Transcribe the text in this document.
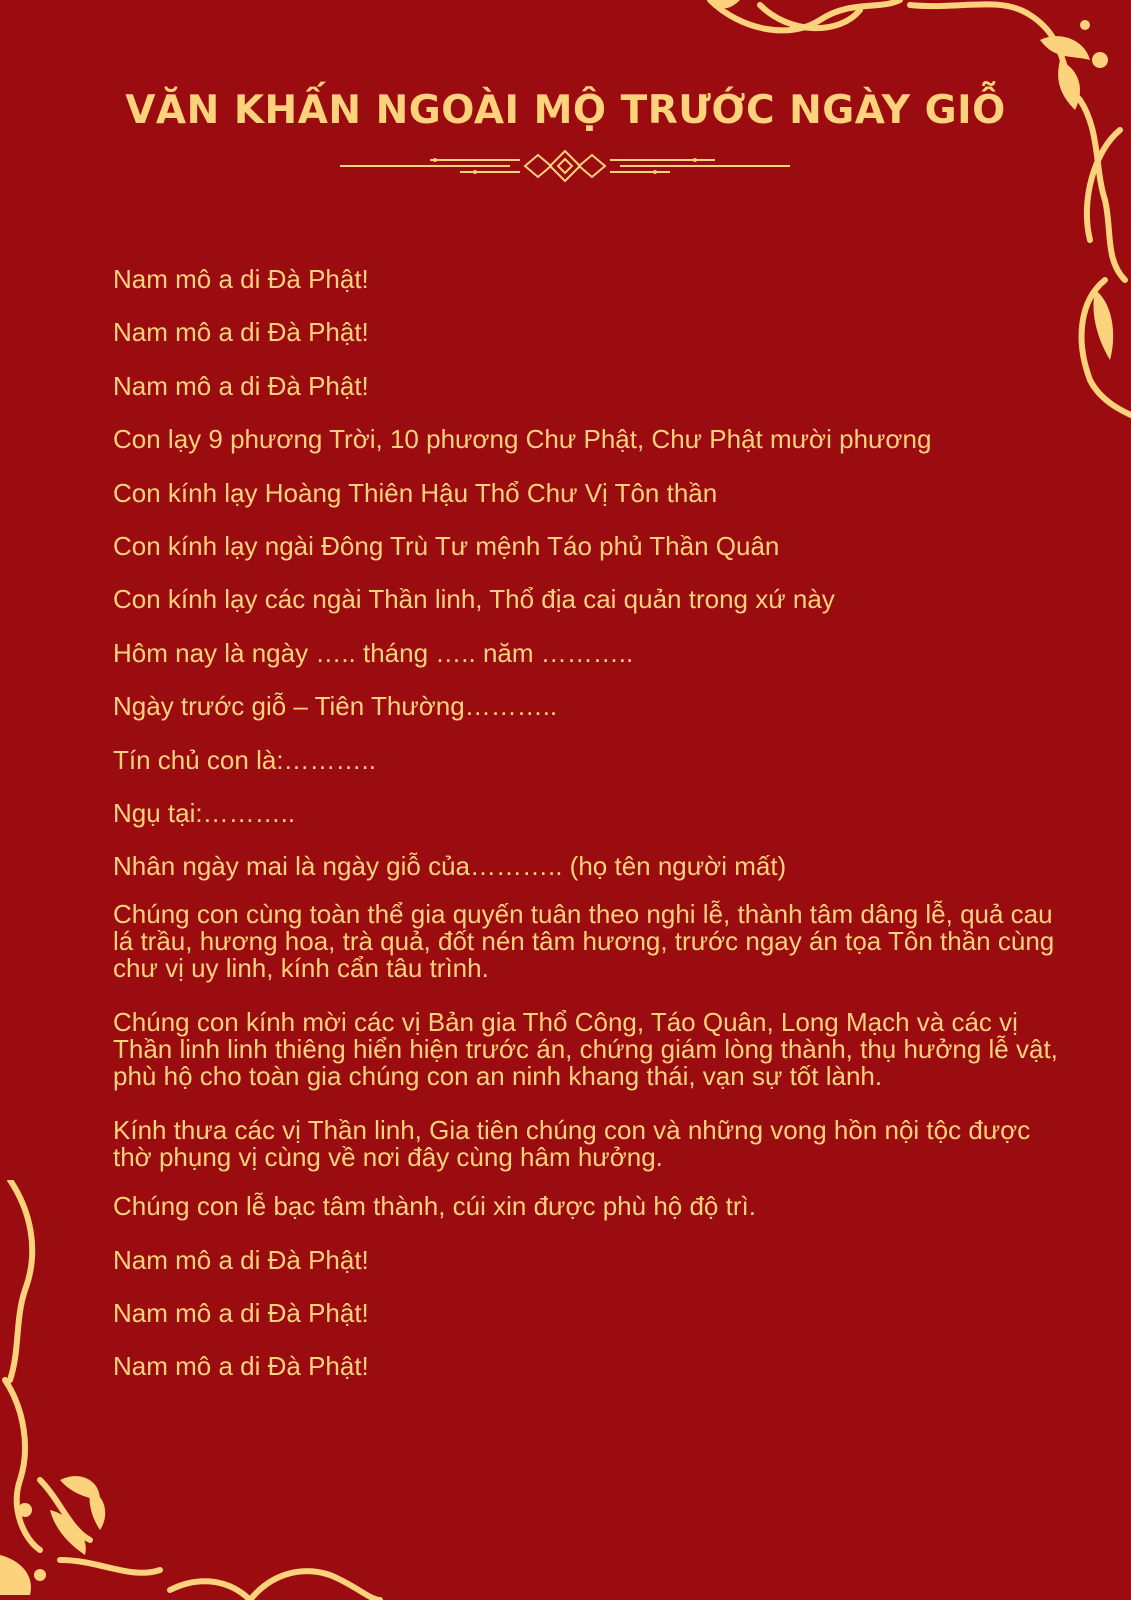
VĂN KHẤN NGOÀI MỘ TRƯỚC NGÀY GIỖ

Nam mô a di Đà Phật!

Nam mô a di Đà Phật!

Nam mô a di Đà Phật!

Con lạy 9 phương Trời, 10 phương Chư Phật, Chư Phật mười phương

Con kính lạy Hoàng Thiên Hậu Thổ Chư Vị Tôn thần

Con kính lạy ngài Đông Trù Tư mệnh Táo phủ Thần Quân

Con kính lạy các ngài Thần linh, Thổ địa cai quản trong xứ này

Hôm nay là ngày ….. tháng ….. năm ………..

Ngày trước giỗ – Tiên Thường………..

Tín chủ con là:………..

Ngụ tại:………..

Nhân ngày mai là ngày giỗ của……….. (họ tên người mất)

Chúng con cùng toàn thể gia quyến tuân theo nghi lễ, thành tâm dâng lễ, quả cau lá trầu, hương hoa, trà quả, đốt nén tâm hương, trước ngay án tọa Tôn thần cùng chư vị uy linh, kính cẩn tâu trình.

Chúng con kính mời các vị Bản gia Thổ Công, Táo Quân, Long Mạch và các vị Thần linh linh thiêng hiển hiện trước án, chứng giám lòng thành, thụ hưởng lễ vật, phù hộ cho toàn gia chúng con an ninh khang thái, vạn sự tốt lành.

Kính thưa các vị Thần linh, Gia tiên chúng con và những vong hồn nội tộc được thờ phụng vị cùng về nơi đây cùng hâm hưởng.

Chúng con lễ bạc tâm thành, cúi xin được phù hộ độ trì.

Nam mô a di Đà Phật!

Nam mô a di Đà Phật!

Nam mô a di Đà Phật!
